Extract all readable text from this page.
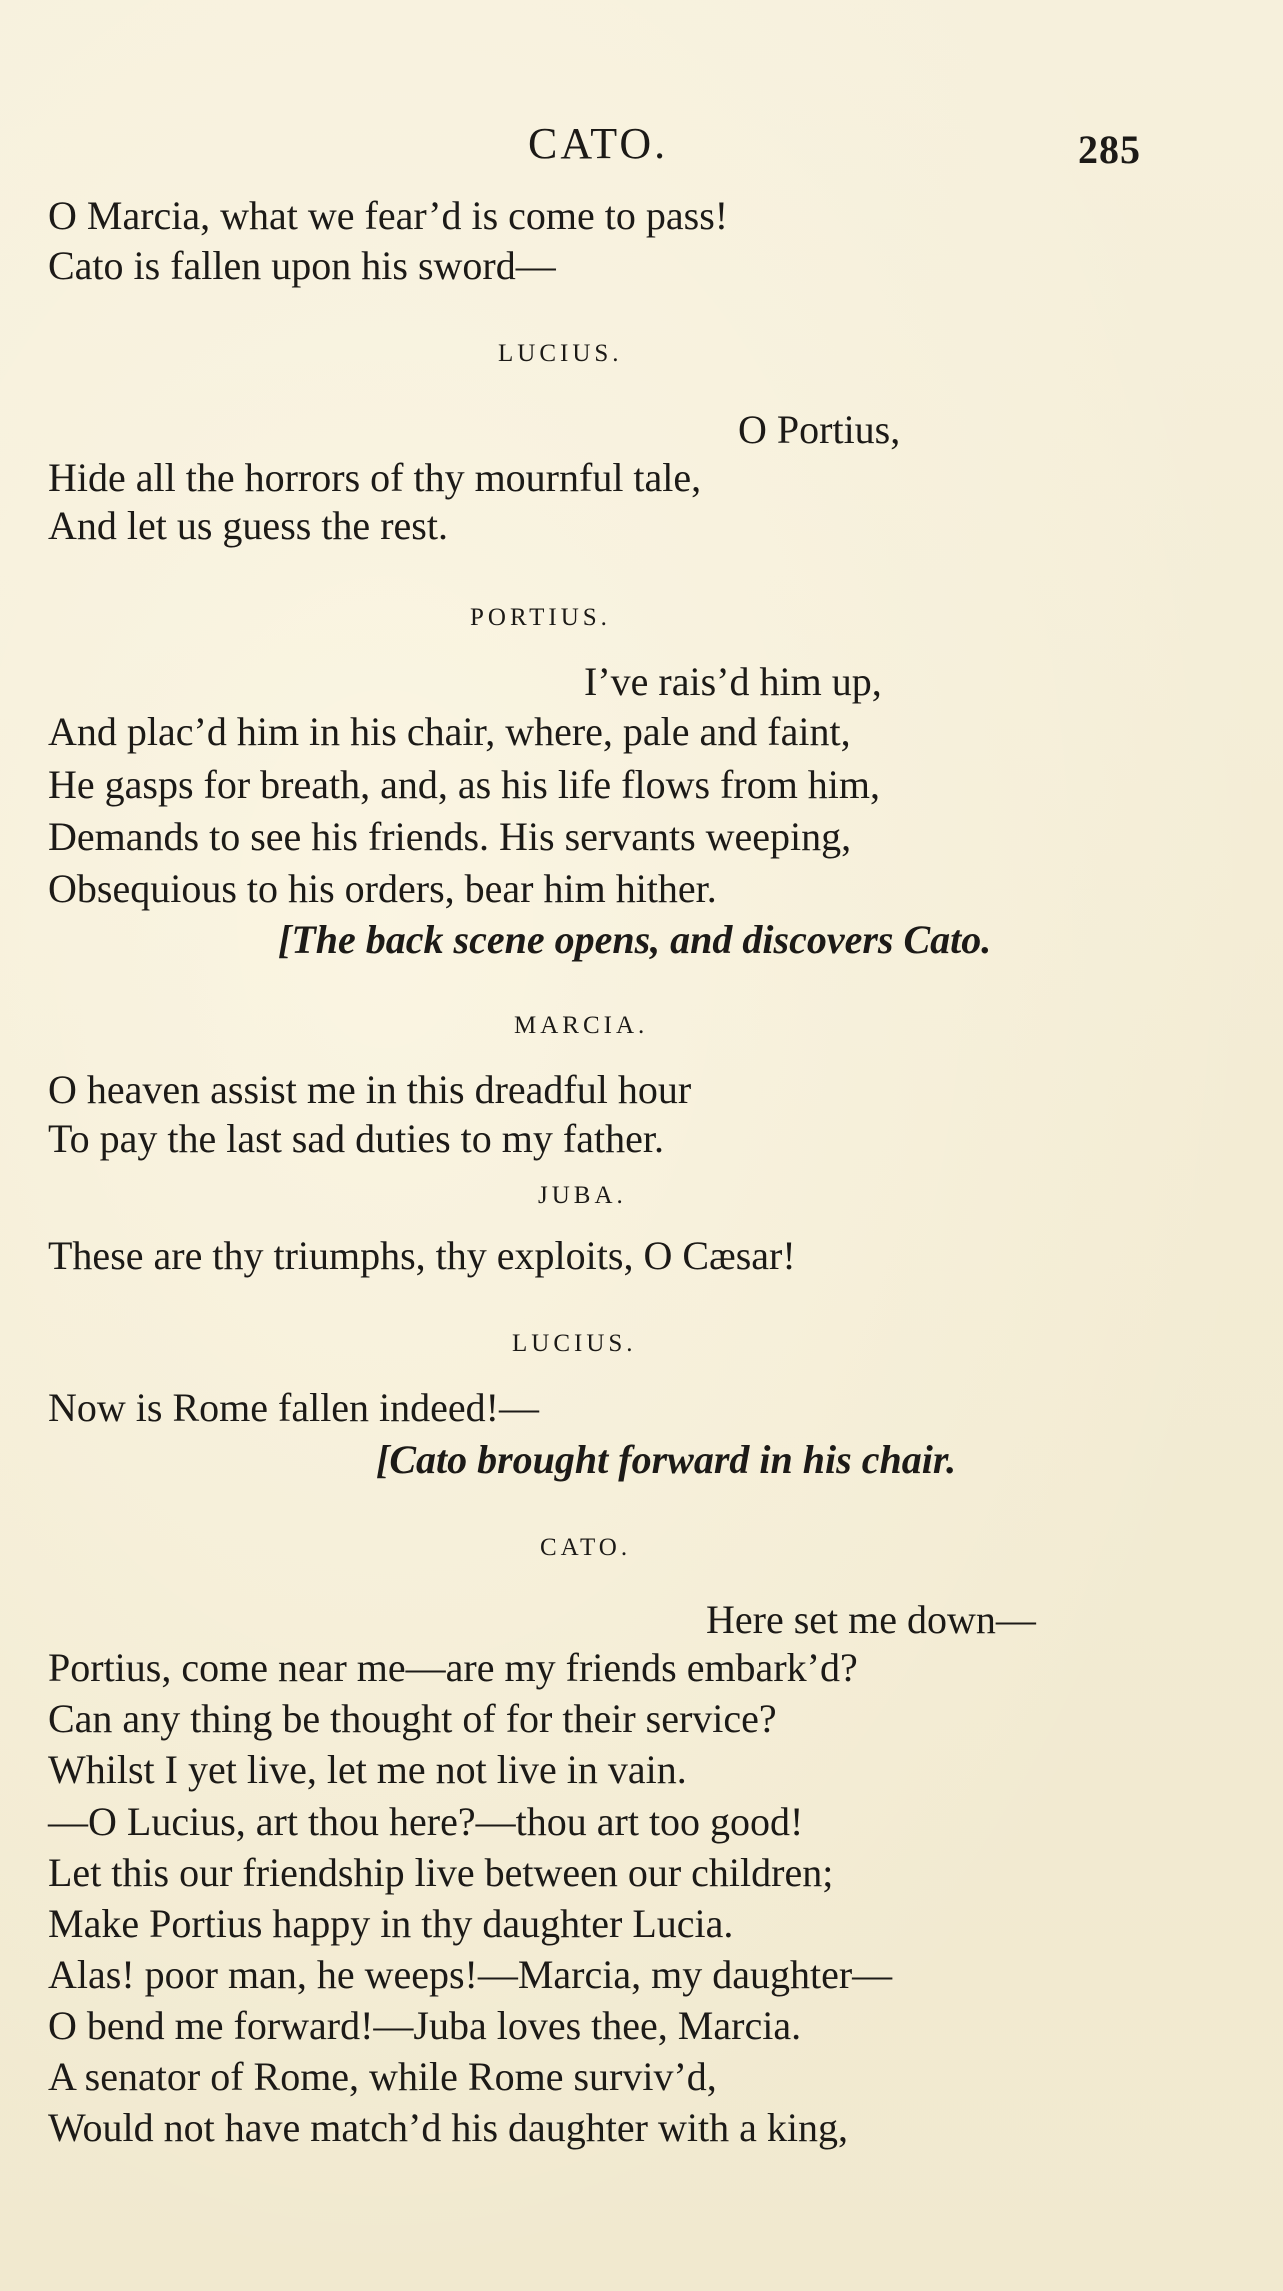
CATO.	285
O Marcia, what we fear’d is come to pass!
Cato is fallen upon his sword—
LUCIUS.
O Portius,
Hide all the horrors of thy mournful tale,
And let us guess the rest.
PORTIUS.
I’ve rais’d him up,
And plac’d him in his chair, where, pale and faint,
He gasps for breath, and, as his life flows from him,
Demands to see his friends. His servants weeping,
Obsequious to his orders, bear him hither.
[The back scene opens, and discovers Cato.
MARCIA.
O heaven assist me in this dreadful hour
To pay the last sad duties to my father.
JUBA.
These are thy triumphs, thy exploits, O Cæsar!
LUCIUS.
Now is Rome fallen indeed!—
[Cato brought forward in his chair.
CATO.
Here set me down—
Portius, come near me—are my friends embark’d?
Can any thing be thought of for their service?
Whilst I yet live, let me not live in vain.
—O Lucius, art thou here?—thou art too good!
Let this our friendship live between our children;
Make Portius happy in thy daughter Lucia.
Alas! poor man, he weeps!—Marcia, my daughter—
O bend me forward!—Juba loves thee, Marcia.
A senator of Rome, while Rome surviv’d,
Would not have match’d his daughter with a king,
